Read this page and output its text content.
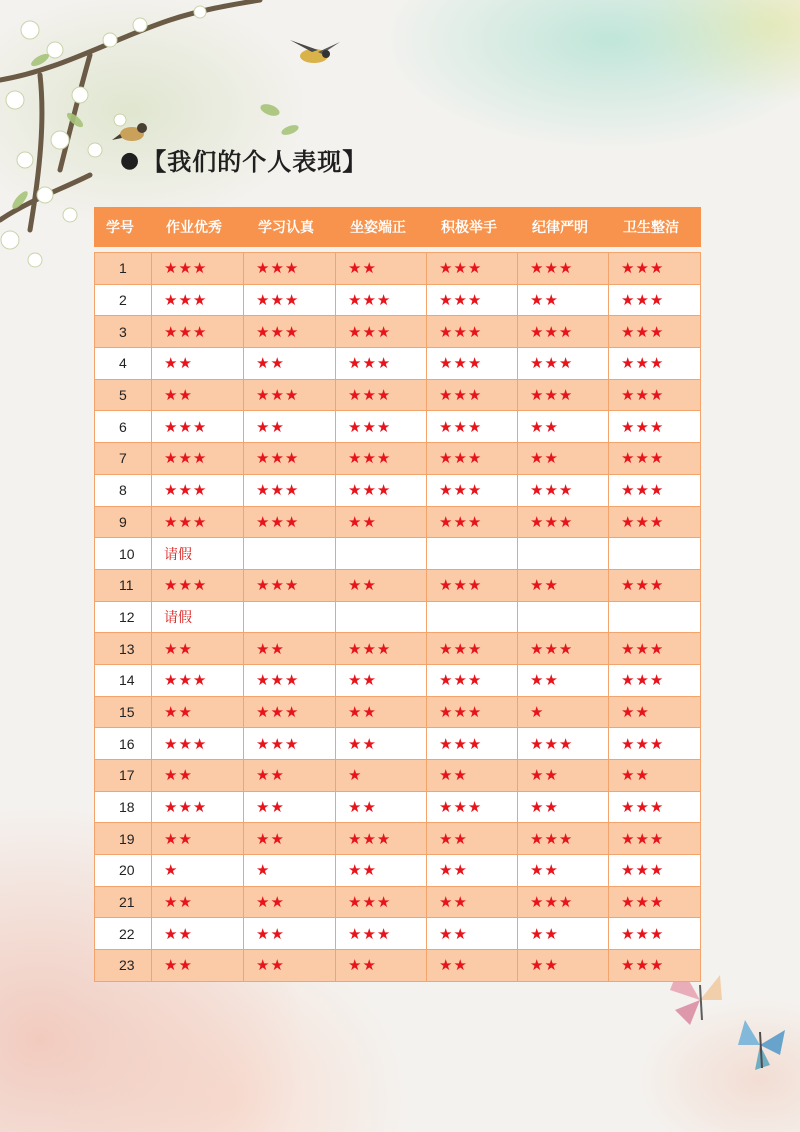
● 【我们的个人表现】
学号	作业优秀	学习认真	坐姿端正	积极举手	纪律严明	卫生整洁
1	★★★	★★★	★★	★★★	★★★	★★★
2	★★★	★★★	★★★	★★★	★★	★★★
3	★★★	★★★	★★★	★★★	★★★	★★★
4	★★	★★	★★★	★★★	★★★	★★★
5	★★	★★★	★★★	★★★	★★★	★★★
6	★★★	★★	★★★	★★★	★★	★★★
7	★★★	★★★	★★★	★★★	★★	★★★
8	★★★	★★★	★★★	★★★	★★★	★★★
9	★★★	★★★	★★	★★★	★★★	★★★
10	请假
11	★★★	★★★	★★	★★★	★★	★★★
12	请假
13	★★	★★	★★★	★★★	★★★	★★★
14	★★★	★★★	★★	★★★	★★	★★★
15	★★	★★★	★★	★★★	★	★★
16	★★★	★★★	★★	★★★	★★★	★★★
17	★★	★★	★	★★	★★	★★
18	★★★	★★	★★	★★★	★★	★★★
19	★★	★★	★★★	★★	★★★	★★★
20	★	★	★★	★★	★★	★★★
21	★★	★★	★★★	★★	★★★	★★★
22	★★	★★	★★★	★★	★★	★★★
23	★★	★★	★★	★★	★★	★★★
